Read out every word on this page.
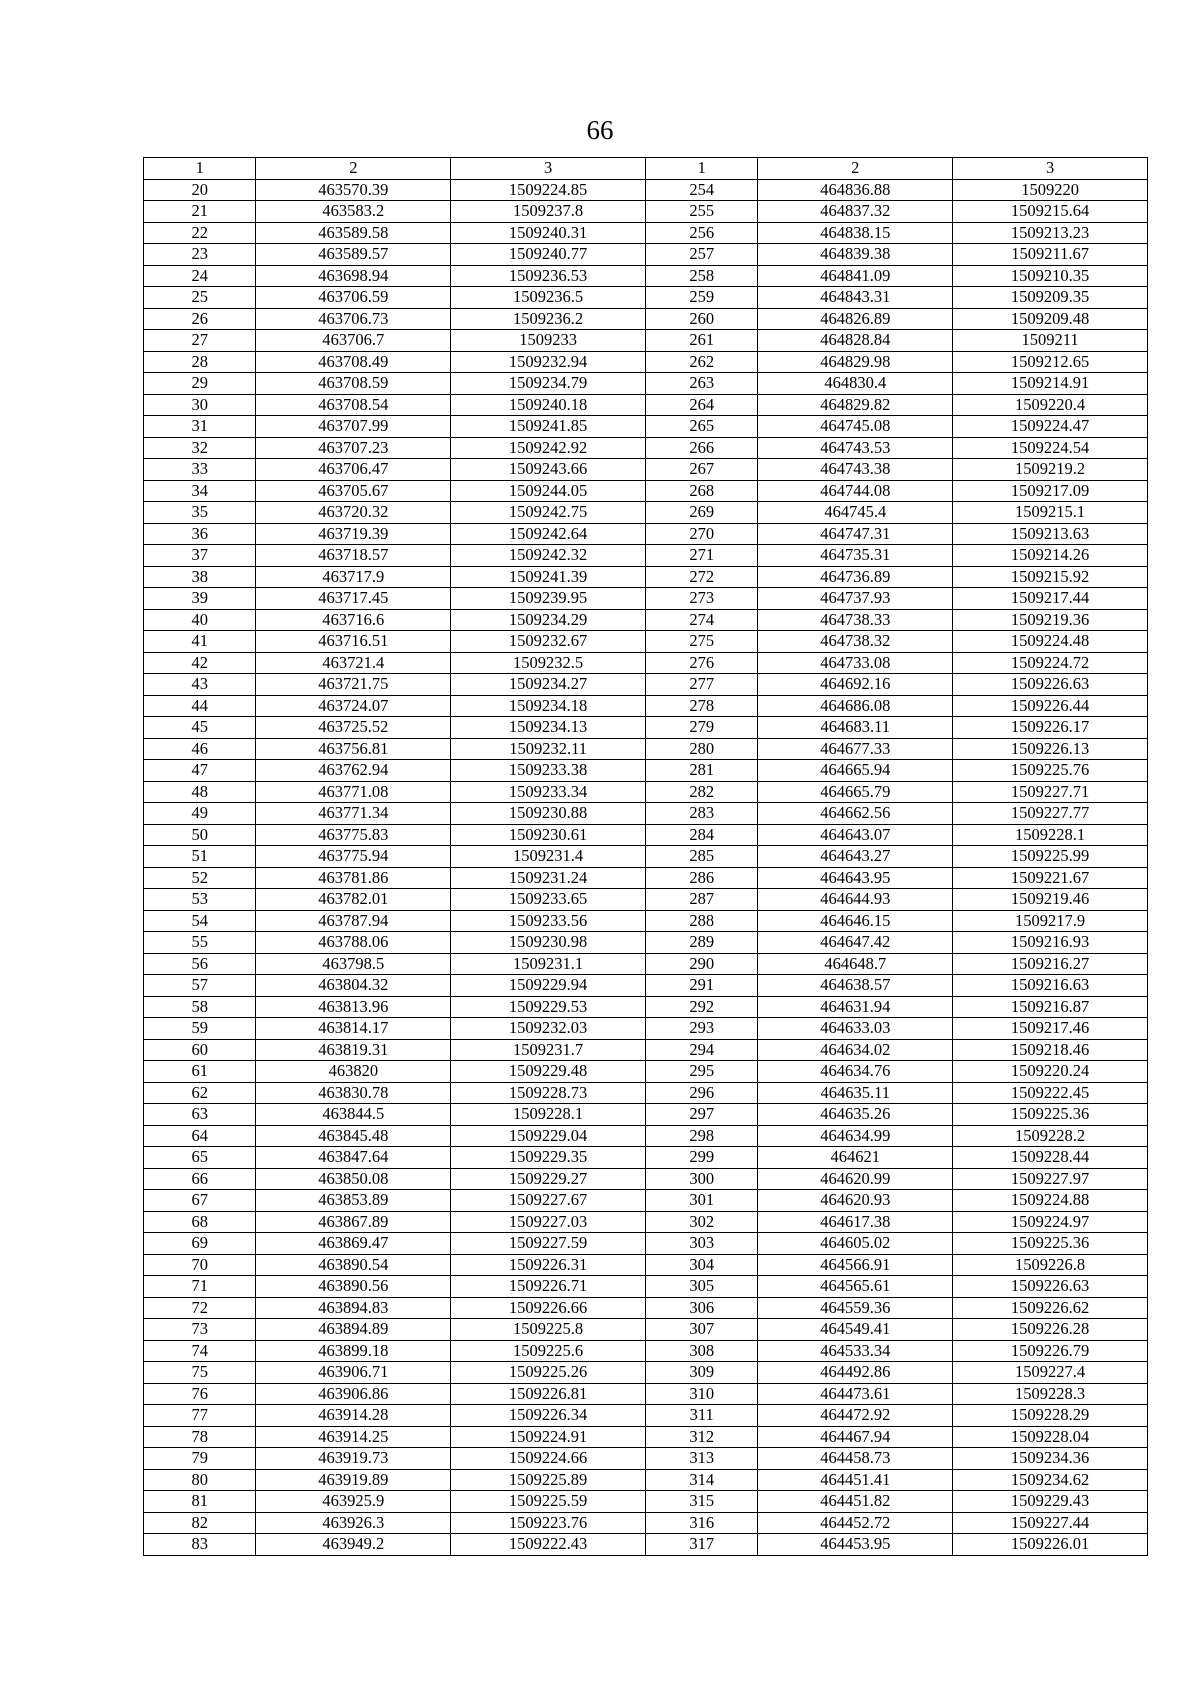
66
1	2	3	1	2	3
20	463570.39	1509224.85	254	464836.88	1509220
21	463583.2	1509237.8	255	464837.32	1509215.64
22	463589.58	1509240.31	256	464838.15	1509213.23
23	463589.57	1509240.77	257	464839.38	1509211.67
24	463698.94	1509236.53	258	464841.09	1509210.35
25	463706.59	1509236.5	259	464843.31	1509209.35
26	463706.73	1509236.2	260	464826.89	1509209.48
27	463706.7	1509233	261	464828.84	1509211
28	463708.49	1509232.94	262	464829.98	1509212.65
29	463708.59	1509234.79	263	464830.4	1509214.91
30	463708.54	1509240.18	264	464829.82	1509220.4
31	463707.99	1509241.85	265	464745.08	1509224.47
32	463707.23	1509242.92	266	464743.53	1509224.54
33	463706.47	1509243.66	267	464743.38	1509219.2
34	463705.67	1509244.05	268	464744.08	1509217.09
35	463720.32	1509242.75	269	464745.4	1509215.1
36	463719.39	1509242.64	270	464747.31	1509213.63
37	463718.57	1509242.32	271	464735.31	1509214.26
38	463717.9	1509241.39	272	464736.89	1509215.92
39	463717.45	1509239.95	273	464737.93	1509217.44
40	463716.6	1509234.29	274	464738.33	1509219.36
41	463716.51	1509232.67	275	464738.32	1509224.48
42	463721.4	1509232.5	276	464733.08	1509224.72
43	463721.75	1509234.27	277	464692.16	1509226.63
44	463724.07	1509234.18	278	464686.08	1509226.44
45	463725.52	1509234.13	279	464683.11	1509226.17
46	463756.81	1509232.11	280	464677.33	1509226.13
47	463762.94	1509233.38	281	464665.94	1509225.76
48	463771.08	1509233.34	282	464665.79	1509227.71
49	463771.34	1509230.88	283	464662.56	1509227.77
50	463775.83	1509230.61	284	464643.07	1509228.1
51	463775.94	1509231.4	285	464643.27	1509225.99
52	463781.86	1509231.24	286	464643.95	1509221.67
53	463782.01	1509233.65	287	464644.93	1509219.46
54	463787.94	1509233.56	288	464646.15	1509217.9
55	463788.06	1509230.98	289	464647.42	1509216.93
56	463798.5	1509231.1	290	464648.7	1509216.27
57	463804.32	1509229.94	291	464638.57	1509216.63
58	463813.96	1509229.53	292	464631.94	1509216.87
59	463814.17	1509232.03	293	464633.03	1509217.46
60	463819.31	1509231.7	294	464634.02	1509218.46
61	463820	1509229.48	295	464634.76	1509220.24
62	463830.78	1509228.73	296	464635.11	1509222.45
63	463844.5	1509228.1	297	464635.26	1509225.36
64	463845.48	1509229.04	298	464634.99	1509228.2
65	463847.64	1509229.35	299	464621	1509228.44
66	463850.08	1509229.27	300	464620.99	1509227.97
67	463853.89	1509227.67	301	464620.93	1509224.88
68	463867.89	1509227.03	302	464617.38	1509224.97
69	463869.47	1509227.59	303	464605.02	1509225.36
70	463890.54	1509226.31	304	464566.91	1509226.8
71	463890.56	1509226.71	305	464565.61	1509226.63
72	463894.83	1509226.66	306	464559.36	1509226.62
73	463894.89	1509225.8	307	464549.41	1509226.28
74	463899.18	1509225.6	308	464533.34	1509226.79
75	463906.71	1509225.26	309	464492.86	1509227.4
76	463906.86	1509226.81	310	464473.61	1509228.3
77	463914.28	1509226.34	311	464472.92	1509228.29
78	463914.25	1509224.91	312	464467.94	1509228.04
79	463919.73	1509224.66	313	464458.73	1509234.36
80	463919.89	1509225.89	314	464451.41	1509234.62
81	463925.9	1509225.59	315	464451.82	1509229.43
82	463926.3	1509223.76	316	464452.72	1509227.44
83	463949.2	1509222.43	317	464453.95	1509226.01
